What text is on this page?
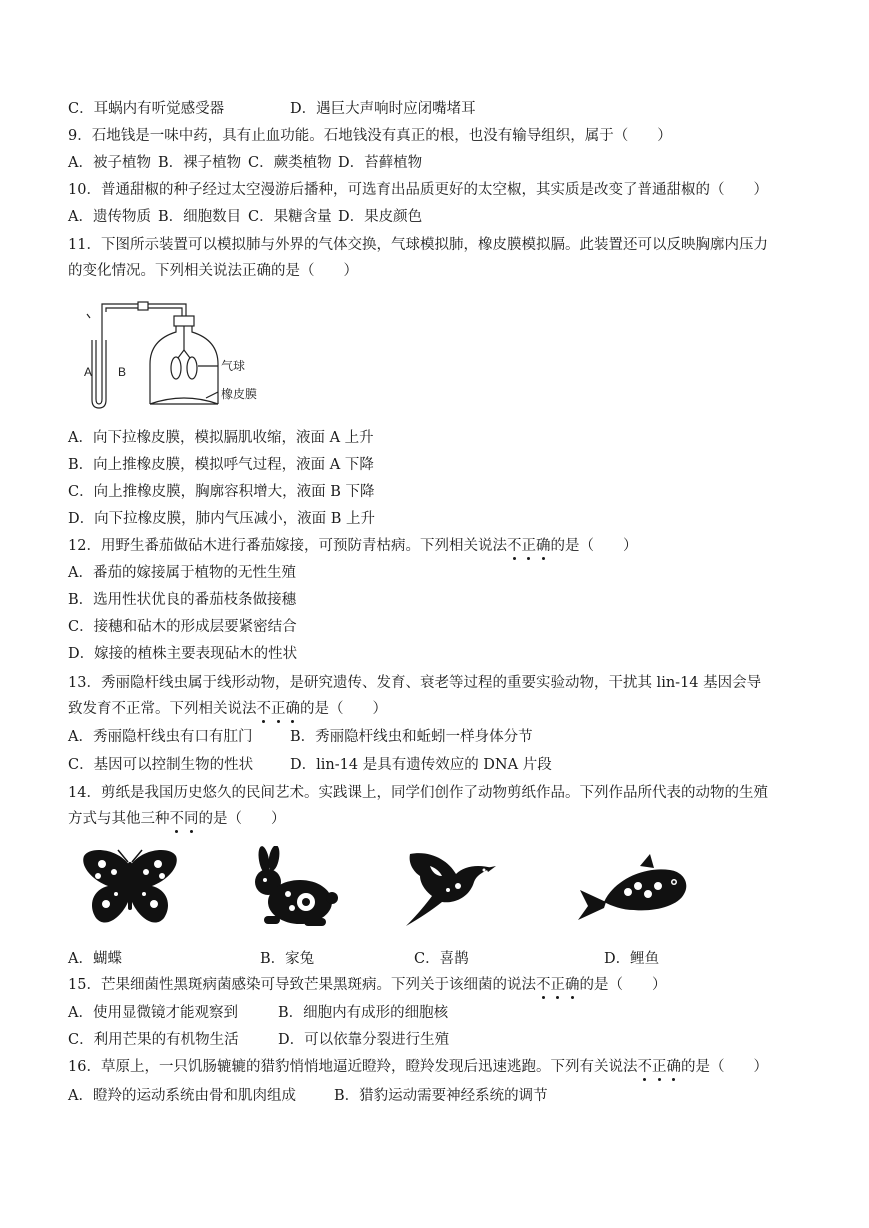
C．耳蜗内有听觉感受器	D．遇巨大声响时应闭嘴堵耳
9．石地钱是一味中药，具有止血功能。石地钱没有真正的根，也没有输导组织，属于（　　）
A．被子植物 B．裸子植物 C．蕨类植物 D．苔藓植物
10．普通甜椒的种子经过太空漫游后播种，可选育出品质更好的太空椒，其实质是改变了普通甜椒的（　　）
A．遗传物质 B．细胞数目 C．果糖含量 D．果皮颜色
11．下图所示装置可以模拟肺与外界的气体交换，气球模拟肺，橡皮膜模拟膈。此装置还可以反映胸廓内压力
的变化情况。下列相关说法正确的是（　　）
A B	气球
橡皮膜
A．向下拉橡皮膜，模拟膈肌收缩，液面 A 上升
B．向上推橡皮膜，模拟呼气过程，液面 A 下降
C．向上推橡皮膜，胸廓容积增大，液面 B 下降
D．向下拉橡皮膜，肺内气压减小，液面 B 上升
12．用野生番茄做砧木进行番茄嫁接，可预防青枯病。下列相关说法不正确的是（　　）
A．番茄的嫁接属于植物的无性生殖
B．选用性状优良的番茄枝条做接穗
C．接穗和砧木的形成层要紧密结合
D．嫁接的植株主要表现砧木的性状
13．秀丽隐杆线虫属于线形动物，是研究遗传、发育、衰老等过程的重要实验动物，干扰其 lin-14 基因会导
致发育不正常。下列相关说法不正确的是（　　）
A．秀丽隐杆线虫有口有肛门	B．秀丽隐杆线虫和蚯蚓一样身体分节
C．基因可以控制生物的性状	D．lin-14 是具有遗传效应的 DNA 片段
14．剪纸是我国历史悠久的民间艺术。实践课上，同学们创作了动物剪纸作品。下列作品所代表的动物的生殖
方式与其他三种不同的是（　　）
A．蝴蝶	B．家兔	C．喜鹊	D．鲤鱼
15．芒果细菌性黑斑病菌感染可导致芒果黑斑病。下列关于该细菌的说法不正确的是（　　）
A．使用显微镜才能观察到	B．细胞内有成形的细胞核
C．利用芒果的有机物生活	D．可以依靠分裂进行生殖
16．草原上，一只饥肠辘辘的猎豹悄悄地逼近瞪羚，瞪羚发现后迅速逃跑。下列有关说法不正确的是（　　）
A．瞪羚的运动系统由骨和肌肉组成	B．猎豹运动需要神经系统的调节
